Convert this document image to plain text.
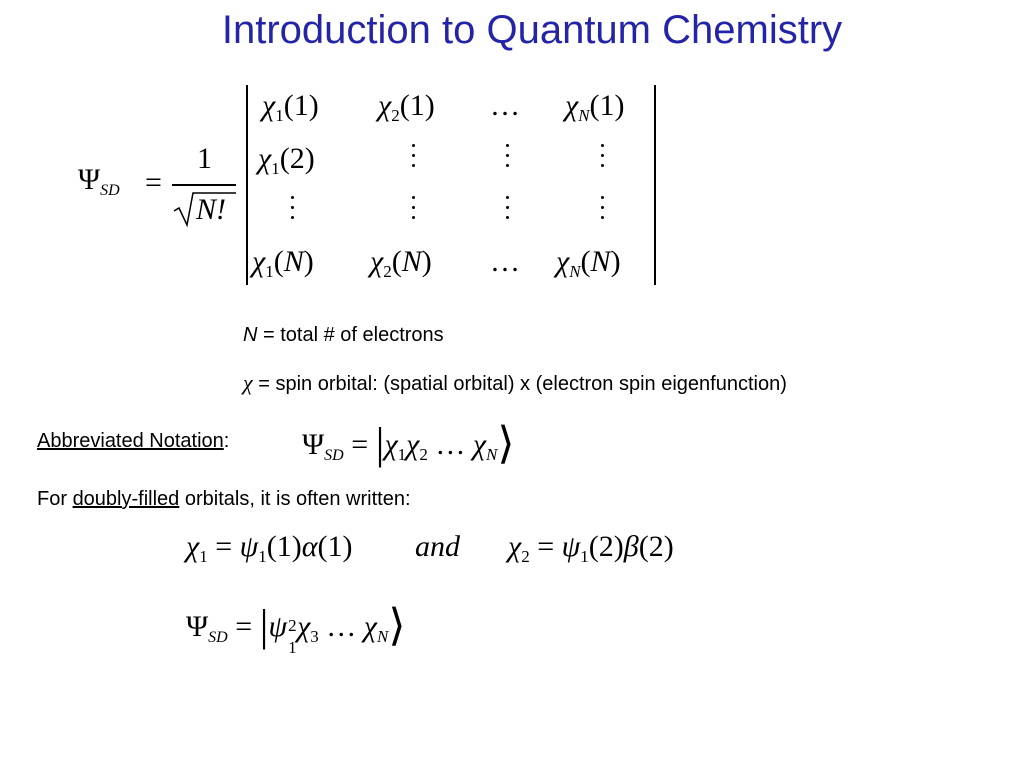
Introduction to Quantum Chemistry
$\Psi_{SD}$ =
1
N!
$\chi_1(1)$ $\chi_2(1)$ … $\chi_N(1)$
$\chi_1(2)$
$\chi_1(N)$ $\chi_2(N)$ … $\chi_N(N)$
N = total # of electrons
χ = spin orbital: (spatial orbital) x (electron spin eigenfunction)
Abbreviated Notation: $\Psi_{SD} = |\chi_1\chi_2$ … $\chi_N⟩$
For doubly-filled orbitals, it is often written:
$\chi_1 = \psi_1(1)\alpha(1)$ and $\chi_2 = \psi_1(2)\beta(2)$
$\Psi_{SD} = |\psi$ 2
1
$\chi_3$ … $\chi_N⟩$
